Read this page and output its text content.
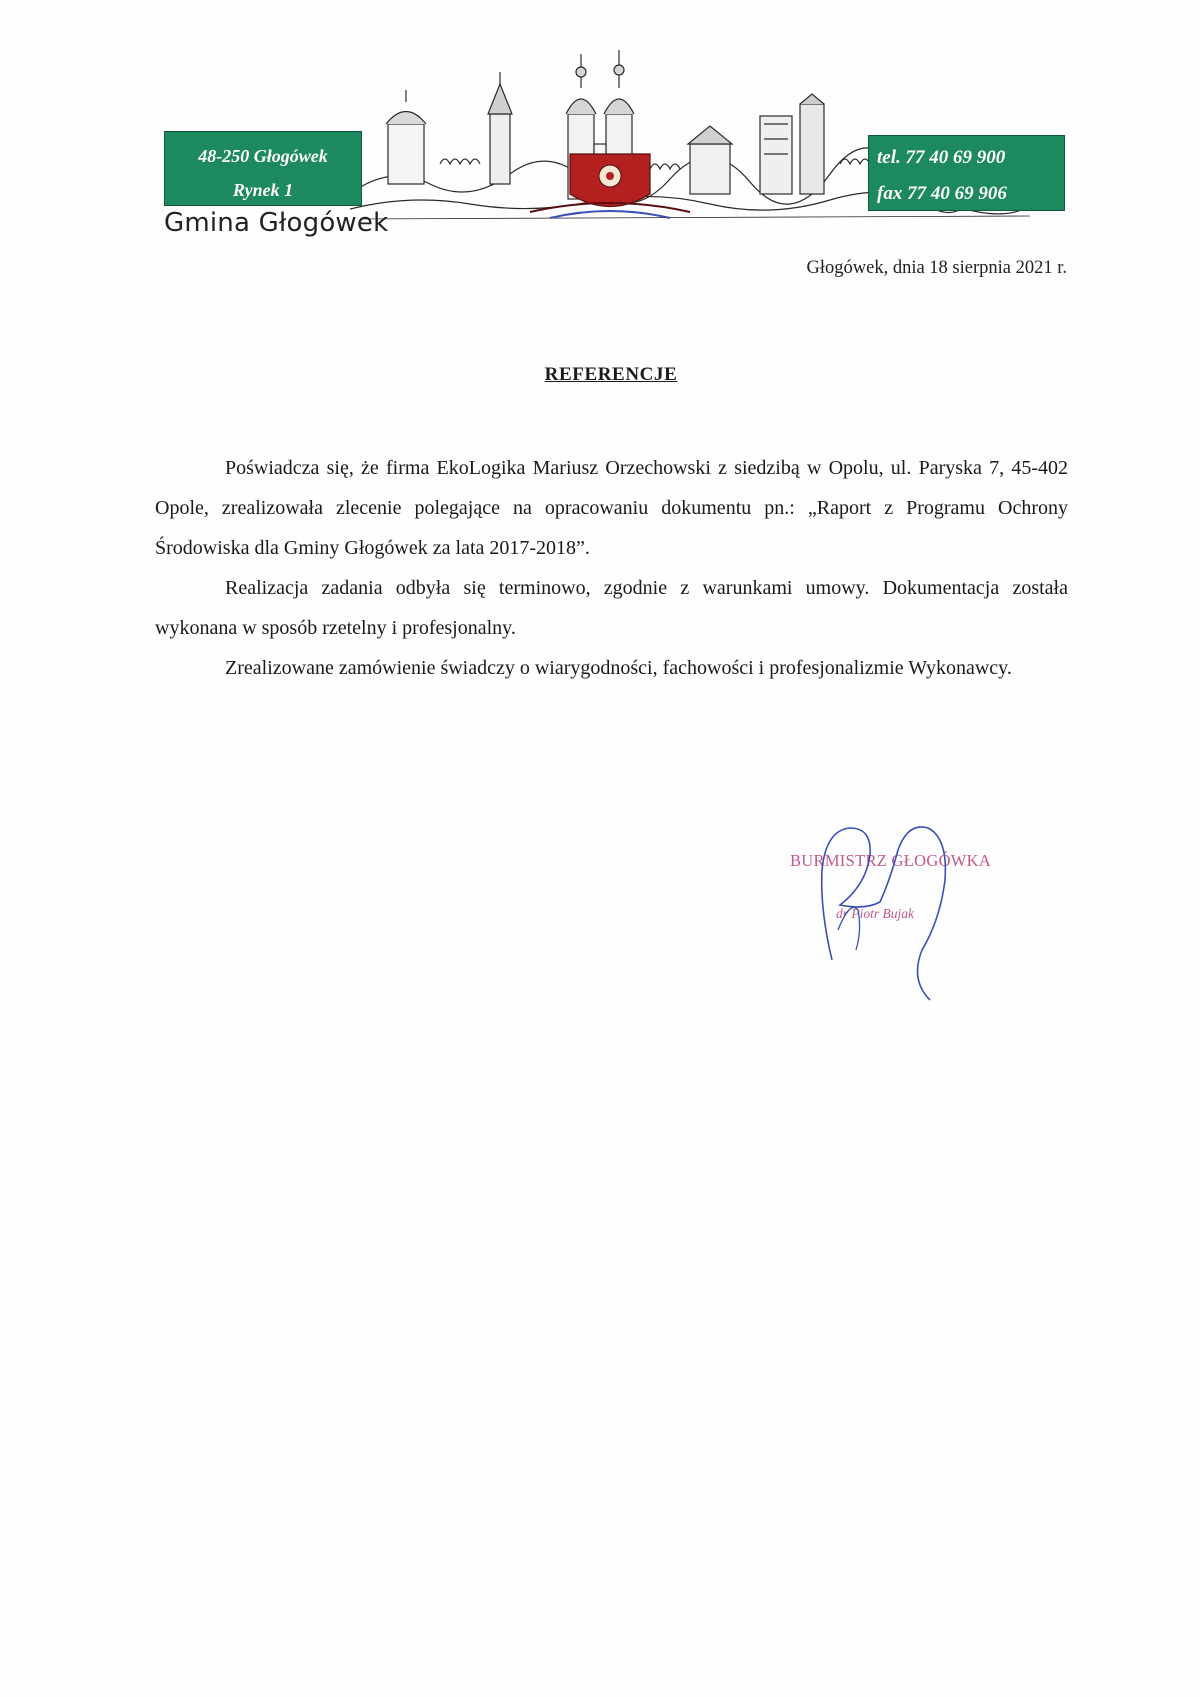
48-250 Głogówek
Rynek 1
tel. 77 40 69 900
fax 77 40 69 906
Gmina Głogówek
Głogówek, dnia 18 sierpnia 2021 r.
REFERENCJE

Poświadcza się, że firma EkoLogika Mariusz Orzechowski z siedzibą w Opolu, ul. Paryska 7, 45-402 Opole, zrealizowała zlecenie polegające na opracowaniu dokumentu pn.: „Raport z Programu Ochrony Środowiska dla Gminy Głogówek za lata 2017-2018”.

Realizacja zadania odbyła się terminowo, zgodnie z warunkami umowy. Dokumentacja została wykonana w sposób rzetelny i profesjonalny.

Zrealizowane zamówienie świadczy o wiarygodności, fachowości i profesjonalizmie Wykonawcy.

BURMISTRZ GŁOGÓWKA
dr Piotr Bujak
